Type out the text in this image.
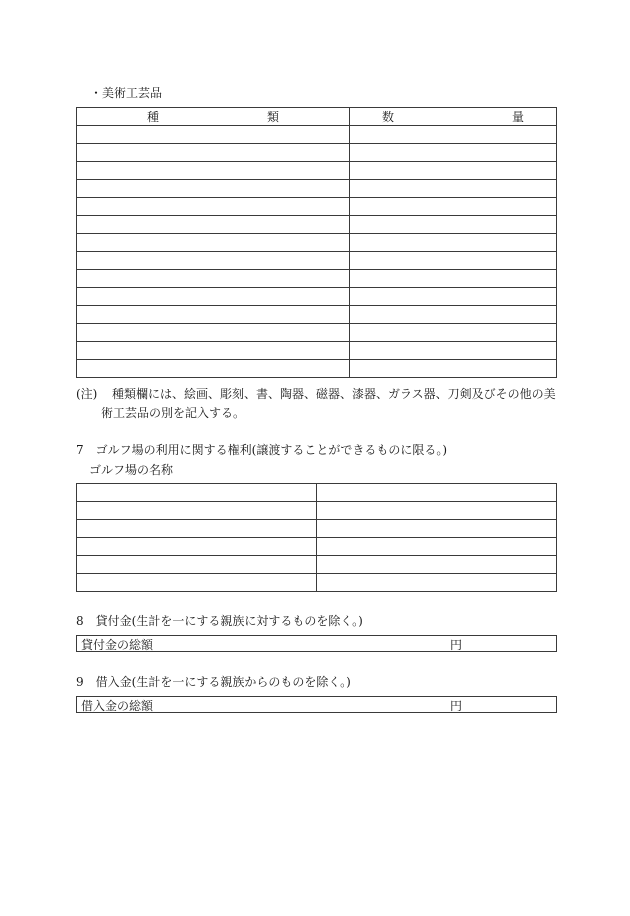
・美術工芸品
種 類	数 量

(注) 種類欄には、絵画、彫刻、書、陶器、磁器、漆器、ガラス器、刀剣及びその他の美
術工芸品の別を記入する。
7　ゴルフ場の利用に関する権利(譲渡することができるものに限る。)
ゴルフ場の名称

8　貸付金(生計を一にする親族に対するものを除く。)
貸付金の総額	円
9　借入金(生計を一にする親族からのものを除く。)
借入金の総額	円
